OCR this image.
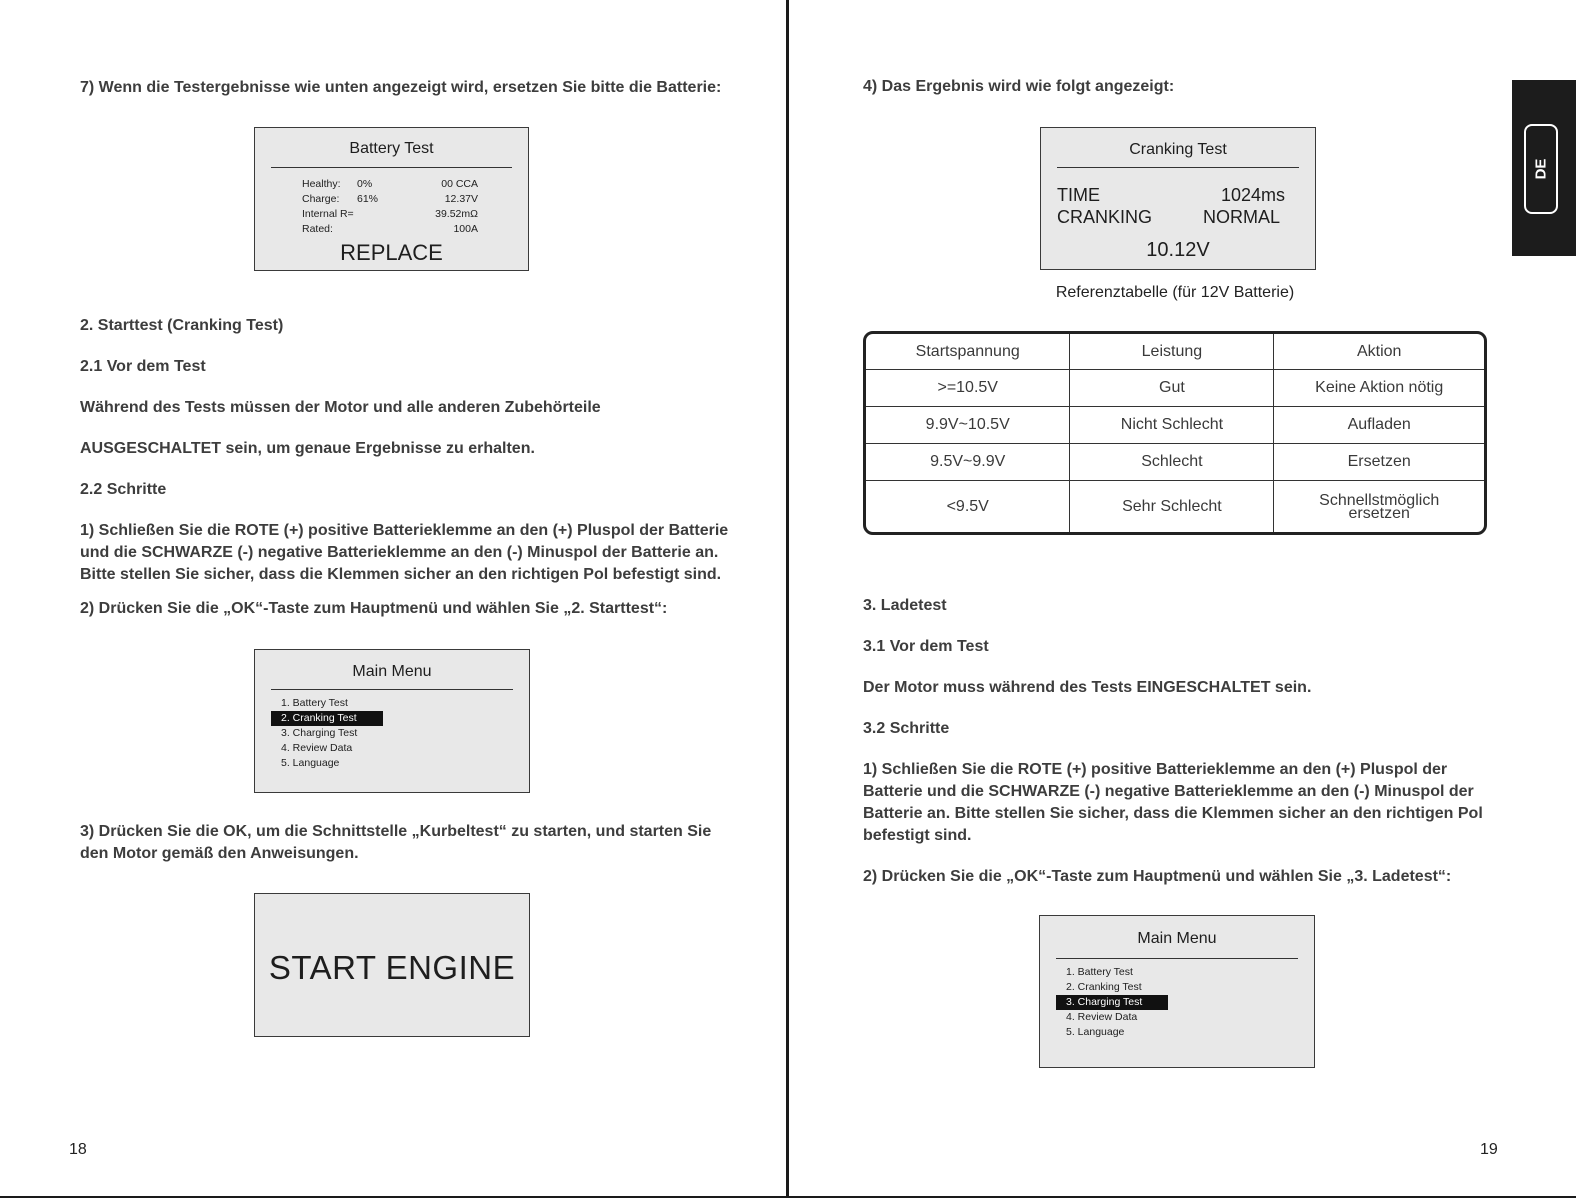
7) Wenn die Testergebnisse wie unten angezeigt wird, ersetzen Sie bitte die Batterie:

Battery Test
Healthy: 0%	00 CCA
Charge: 61%	12.37V
Internal R=	39.52mΩ
Rated:	100A
REPLACE

2. Starttest (Cranking Test)

2.1 Vor dem Test

Während des Tests müssen der Motor und alle anderen Zubehörteile

AUSGESCHALTET sein, um genaue Ergebnisse zu erhalten.

2.2 Schritte

1) Schließen Sie die ROTE (+) positive Batterieklemme an den (+) Pluspol der Batterie

und die SCHWARZE (-) negative Batterieklemme an den (-) Minuspol der Batterie an.

Bitte stellen Sie sicher, dass die Klemmen sicher an den richtigen Pol befestigt sind.

2) Drücken Sie die „OK“-Taste zum Hauptmenü und wählen Sie „2. Starttest“:

Main Menu
1. Battery Test
2. Cranking Test
3. Charging Test
4. Review Data
5. Language

3) Drücken Sie die OK, um die Schnittstelle „Kurbeltest“ zu starten, und starten Sie

den Motor gemäß den Anweisungen.

START ENGINE
18

4) Das Ergebnis wird wie folgt angezeigt:

Cranking Test
TIME	1024ms
CRANKING	NORMAL
10.12V
Referenztabelle (für 12V Batterie)
Startspannung	Leistung	Aktion
>=10.5V	Gut	Keine Aktion nötig
9.9V~10.5V	Nicht Schlecht	Aufladen
9.5V~9.9V	Schlecht	Ersetzen
<9.5V	Sehr Schlecht	Schnellstmöglich ersetzen

3. Ladetest

3.1 Vor dem Test

Der Motor muss während des Tests EINGESCHALTET sein.

3.2 Schritte

1) Schließen Sie die ROTE (+) positive Batterieklemme an den (+) Pluspol der

Batterie und die SCHWARZE (-) negative Batterieklemme an den (-) Minuspol der

Batterie an. Bitte stellen Sie sicher, dass die Klemmen sicher an den richtigen Pol

befestigt sind.

2) Drücken Sie die „OK“-Taste zum Hauptmenü und wählen Sie „3. Ladetest“:

Main Menu
1. Battery Test
2. Cranking Test
3. Charging Test
4. Review Data
5. Language
19
DE
